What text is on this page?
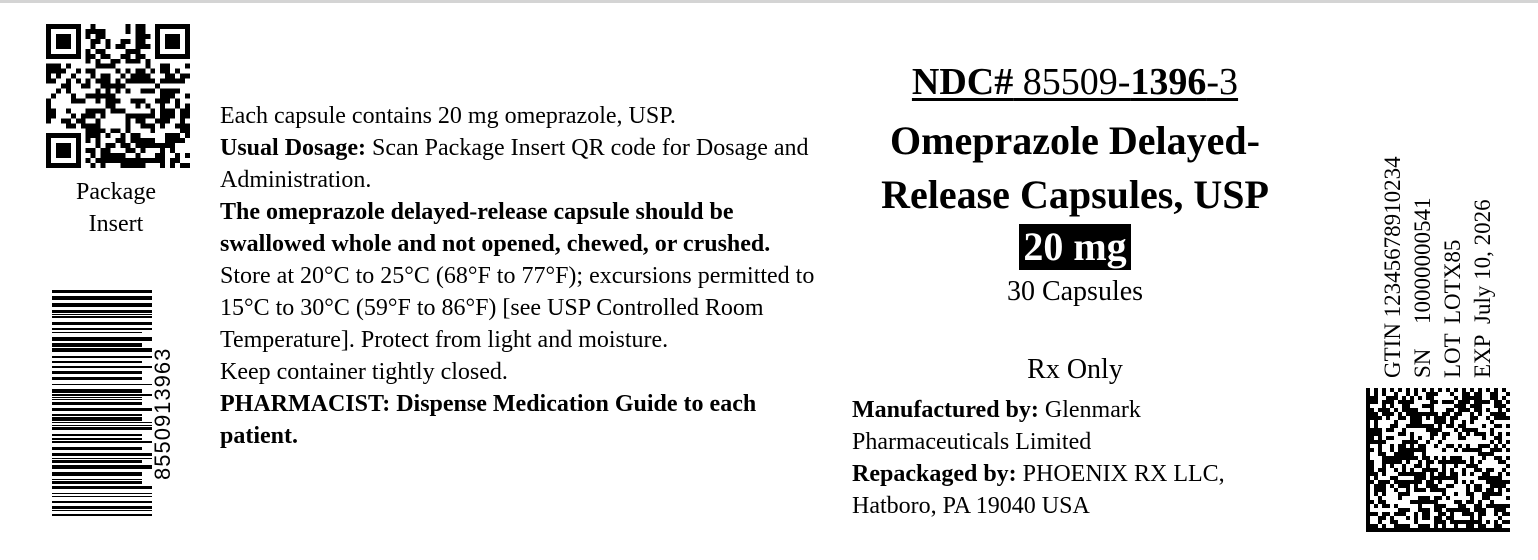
Package
Insert
8550913963

Each capsule contains 20 mg omeprazole, USP.

Usual Dosage: Scan Package Insert QR code for Dosage and Administration.

The omeprazole delayed-release capsule should be swallowed whole and not opened, chewed, or crushed.

Store at 20°C to 25°C (68°F to 77°F); excursions permitted to 15°C to 30°C (59°F to 86°F) [see USP Controlled Room Temperature]. Protect from light and moisture.

Keep container tightly closed.

PHARMACIST: Dispense Medication Guide to each patient.

NDC# 85509-1396-3
Omeprazole Delayed-
Release Capsules, USP
20 mg
30 Capsules
Rx Only

Manufactured by: Glenmark

Pharmaceuticals Limited

Repackaged by: PHOENIX RX LLC,

Hatboro, PA 19040 USA

GTIN 12345678910234
SN10000000541
LOTLOTX85
EXPJuly 10, 2026
